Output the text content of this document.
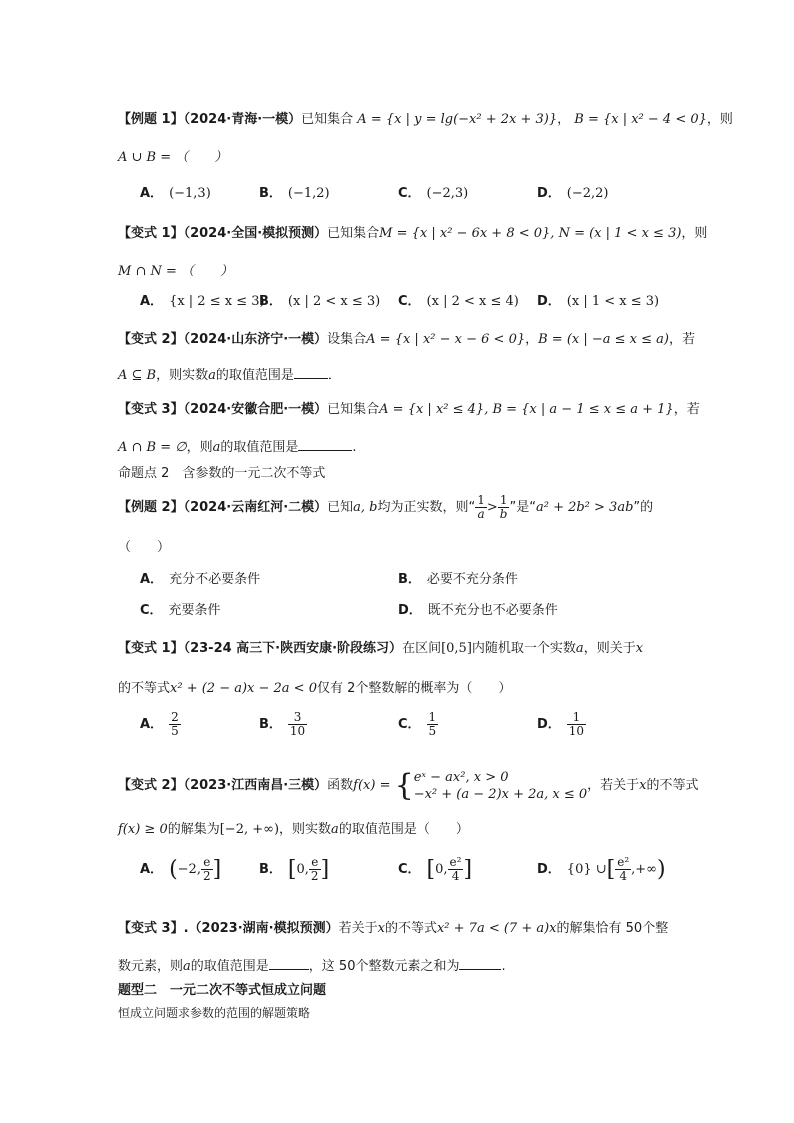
【例题 1】（2024·青海·一模）已知集合 A = {x | y = lg(−x² + 2x + 3)}， B = {x | x² − 4 < 0}，则
A ∪ B = （　　）
A． (−1,3)	B． (−1,2)	C． (−2,3)	D． (−2,2)
【变式 1】（2024·全国·模拟预测）已知集合M = {x | x² − 6x + 8 < 0}, N = (x | 1 < x ≤ 3)，则
M ∩ N = （　　）
A． {x | 2 ≤ x ≤ 3)
B． (x | 2 < x ≤ 3) C． (x | 2 < x ≤ 4) D． (x | 1 < x ≤ 3)
【变式 2】（2024·山东济宁·一模）设集合A = {x | x² − x − 6 < 0}，B = (x | −a ≤ x ≤ a)，若
A ⊆ B，则实数a的取值范围是	．
【变式 3】（2024·安徽合肥·一模）已知集合A = {x | x² ≤ 4}, B = {x | a − 1 ≤ x ≤ a + 1}，若
A ∩ B = ∅，则a的取值范围是	.
命题点 2　含参数的一元二次不等式
【例题 2】（2024·云南红河·二模）已知a, b均为正实数，则“ $\frac{1}{a} > \frac{1}{b}$ ”是“a² + 2b² > 3ab”的
（　　）
A． 充分不必要条件	B． 必要不充分条件
C． 充要条件	D． 既不充分也不必要条件
【变式 1】（23-24 高三下·陕西安康·阶段练习）在区间[0,5]内随机取一个实数a，则关于x
的不等式x² + (2 − a)x − 2a < 0仅有 2个整数解的概率为（　　）
A． $\frac{2}{5}$	B． $\frac{3}{10}$	C． $\frac{1}{5}$	D． $\frac{1}{10}$
【变式 2】（2023·江西南昌·三模）函数f(x) = { eˣ − ax², x > 0
−x² + (a − 2)x + 2a, x ≤ 0
，若关于x的不等式
f(x) ≥ 0的解集为[−2, +∞)，则实数a的取值范围是（　　）
A． (−2, $\frac{e}{2}$ ]	B． [0, $\frac{e}{2}$ ]	C． [0, $\frac{\text{e²}}{4}$ ]	D． {0} ∪[ $\frac{\text{e²}}{4}$ ,+∞)
【变式 3】.（2023·湖南·模拟预测）若关于x的不等式x² + 7a < (7 + a)x的解集恰有 50个整
数元素，则a的取值范围是	，这 50个整数元素之和为	.
题型二　一元二次不等式恒成立问题
恒成立问题求参数的范围的解题策略
